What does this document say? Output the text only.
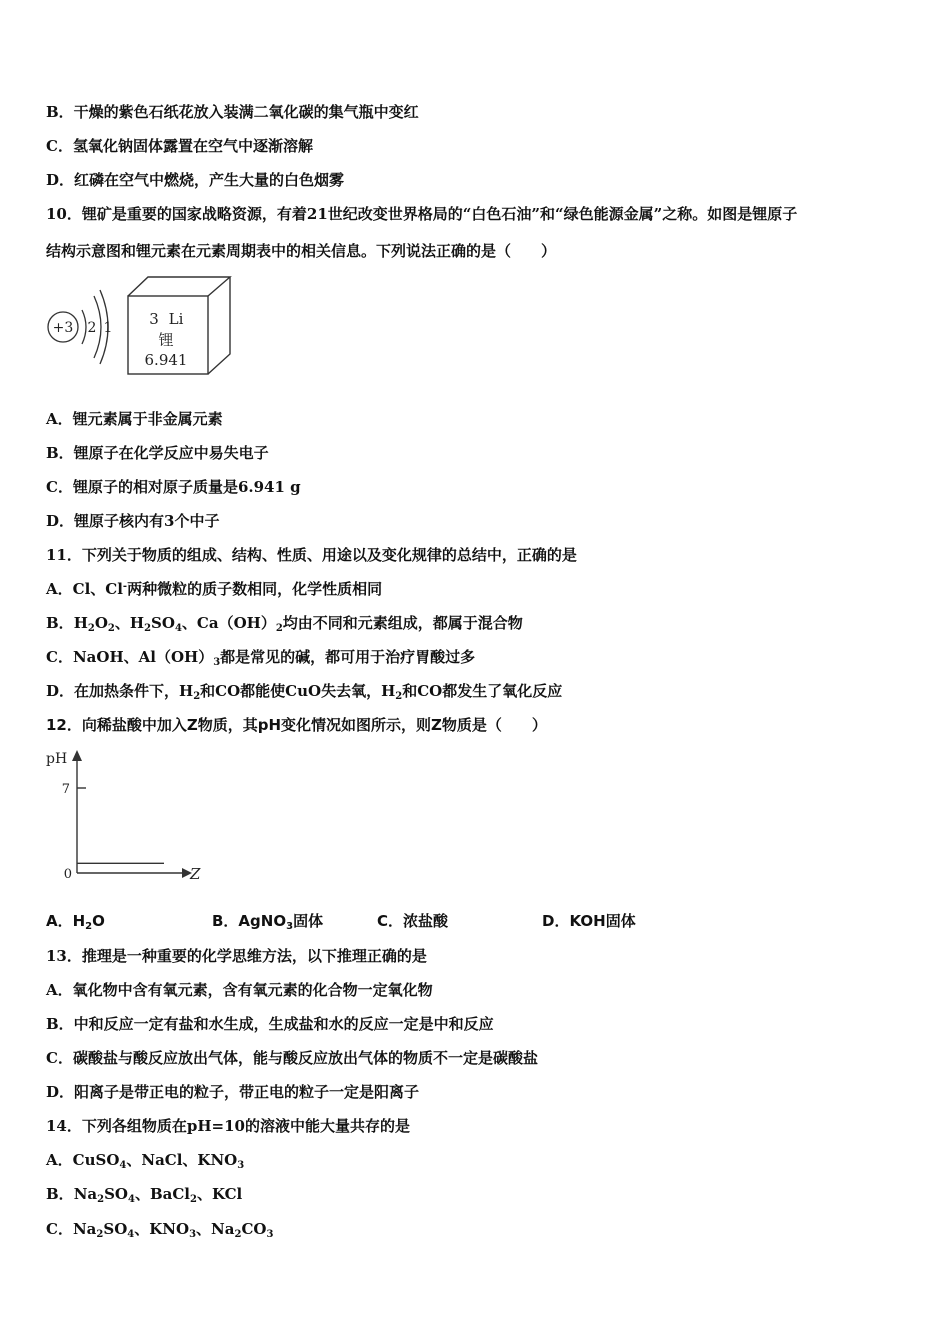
B．干燥的紫色石纸花放入装满二氧化碳的集气瓶中变红
C．氢氧化钠固体露置在空气中逐渐溶解
D．红磷在空气中燃烧，产生大量的白色烟雾
10．锂矿是重要的国家战略资源，有着21世纪改变世界格局的“白色石油”和“绿色能源金属”之称。如图是锂原子
结构示意图和锂元素在元素周期表中的相关信息。下列说法正确的是（　　）
+3 2 1 3 Li
锂
6.941
A．锂元素属于非金属元素
B．锂原子在化学反应中易失电子
C．锂原子的相对原子质量是6.941 g
D．锂原子核内有3个中子
11．下列关于物质的组成、结构、性质、用途以及变化规律的总结中，正确的是
A．Cl、Cl-两种微粒的质子数相同，化学性质相同
B．$H_2O_2$、$H_2SO_4$、$Ca(OH)_2$均由不同和元素组成，都属于混合物
C．NaOH、$Al(OH)_3$都是常见的碱，都可用于治疗胃酸过多
D．在加热条件下，$H_2$和CO都能使CuO失去氧，$H_2$和CO都发生了氧化反应
12．向稀盐酸中加入Z物质，其pH变化情况如图所示，则Z物质是（　　）
pH
7
0	Z
A．$H_2O$	B．AgNO$_3$固体	C．浓盐酸	D．KOH固体
13．推理是一种重要的化学思维方法，以下推理正确的是
A．氧化物中含有氧元素，含有氧元素的化合物一定氧化物
B．中和反应一定有盐和水生成，生成盐和水的反应一定是中和反应
C．碳酸盐与酸反应放出气体，能与酸反应放出气体的物质不一定是碳酸盐
D．阳离子是带正电的粒子，带正电的粒子一定是阳离子
14．下列各组物质在pH=10的溶液中能大量共存的是
A．CuSO$_4$、NaCl、$KNO_3$
B．$Na_2SO_4$、BaCl$_2$、KCl
C．$Na_2SO_4$、$KNO_3$、$Na_2CO_3$
